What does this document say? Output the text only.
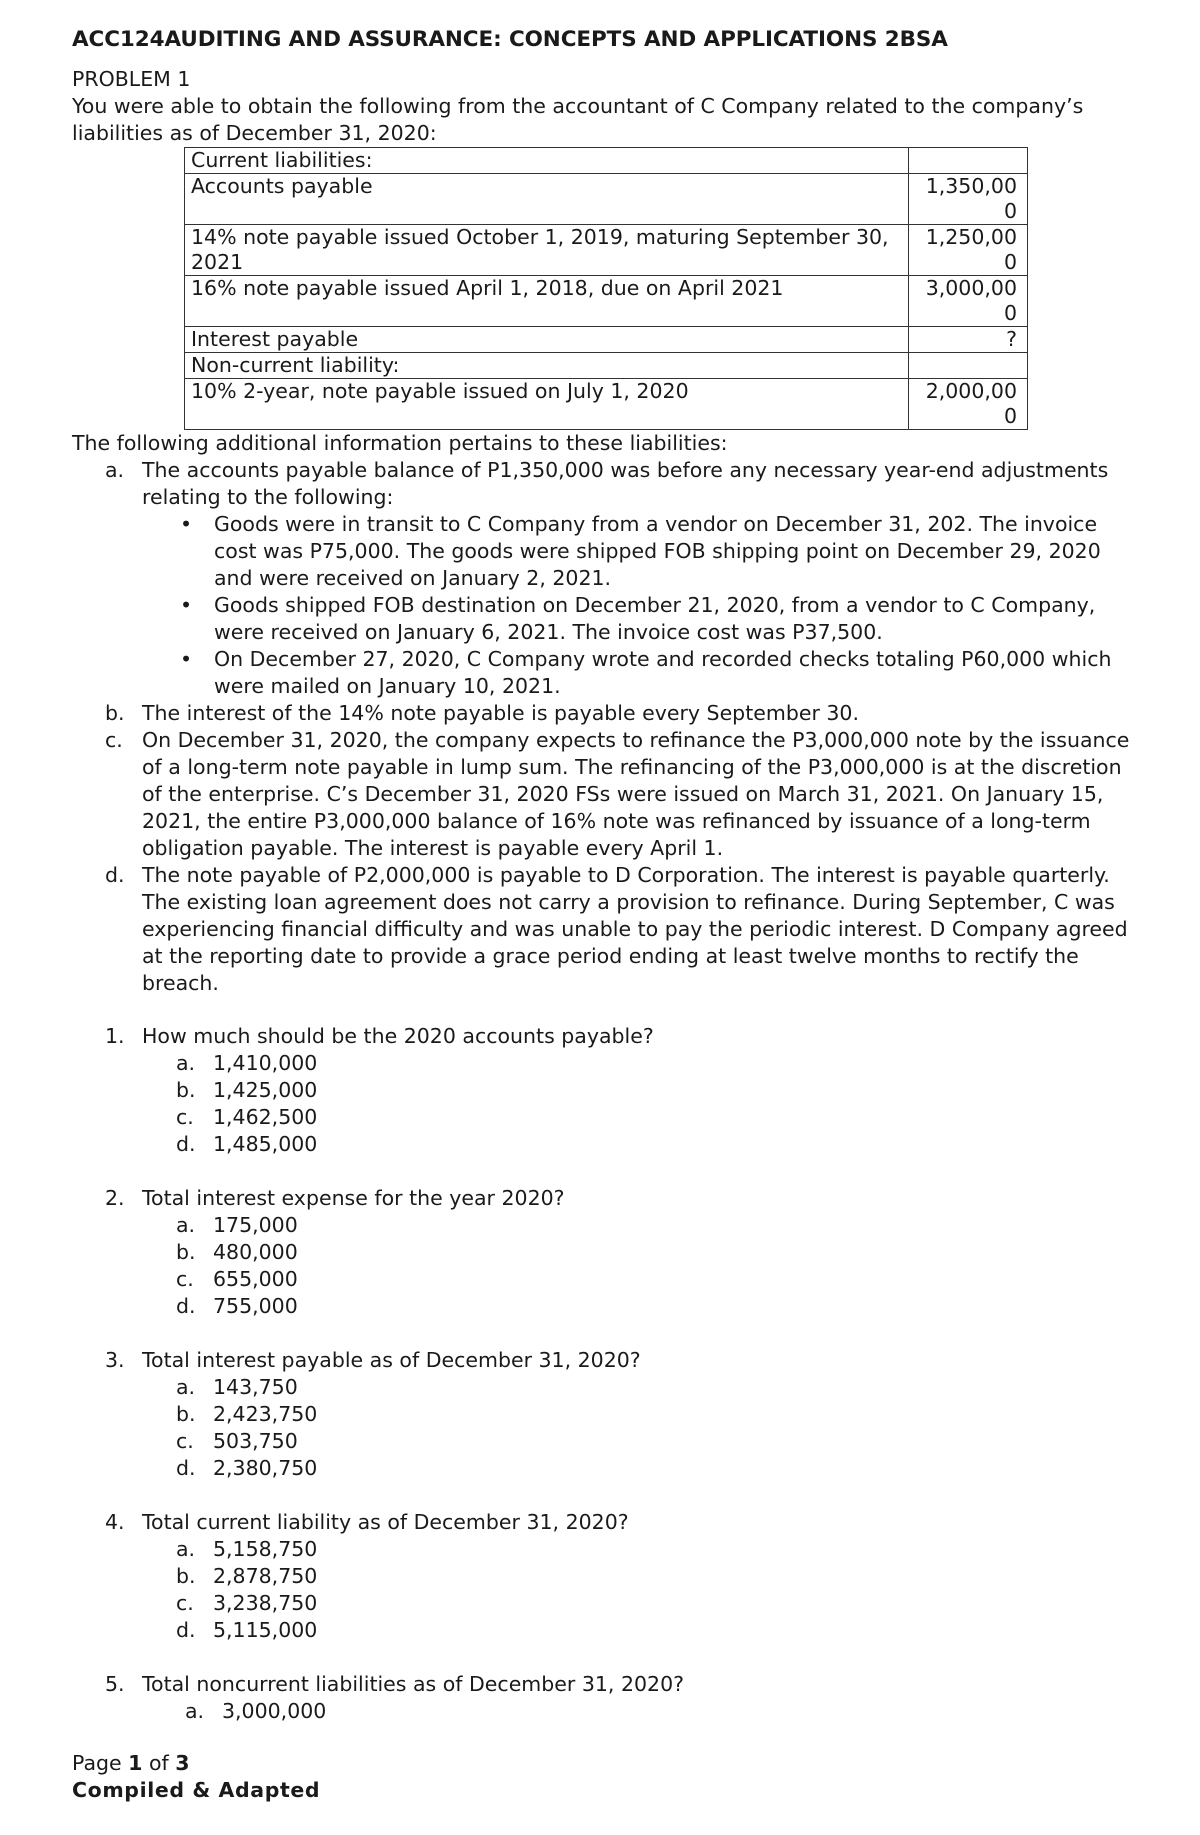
ACC124AUDITING AND ASSURANCE: CONCEPTS AND APPLICATIONS 2BSA
PROBLEM 1
You were able to obtain the following from the accountant of C Company related to the company’s liabilities as of December 31, 2020:
Current liabilities:	
Accounts payable	1,350,000
14% note payable issued October 1, 2019, maturing September 30, 2021	1,250,000
16% note payable issued April 1, 2018, due on April 2021	3,000,000
Interest payable	?
Non-current liability:	
10% 2-year, note payable issued on July 1, 2020	2,000,000
The following additional information pertains to these liabilities:
a. The accounts payable balance of P1,350,000 was before any necessary year-end adjustments relating to the following:
• Goods were in transit to C Company from a vendor on December 31, 202. The invoice cost was P75,000. The goods were shipped FOB shipping point on December 29, 2020 and were received on January 2, 2021.
• Goods shipped FOB destination on December 21, 2020, from a vendor to C Company, were received on January 6, 2021. The invoice cost was P37,500.
• On December 27, 2020, C Company wrote and recorded checks totaling P60,000 which were mailed on January 10, 2021.
b. The interest of the 14% note payable is payable every September 30.
c. On December 31, 2020, the company expects to refinance the P3,000,000 note by the issuance of a long-term note payable in lump sum. The refinancing of the P3,000,000 is at the discretion of the enterprise. C’s December 31, 2020 FSs were issued on March 31, 2021. On January 15, 2021, the entire P3,000,000 balance of 16% note was refinanced by issuance of a long-term obligation payable. The interest is payable every April 1.
d. The note payable of P2,000,000 is payable to D Corporation. The interest is payable quarterly. The existing loan agreement does not carry a provision to refinance. During September, C was experiencing financial difficulty and was unable to pay the periodic interest. D Company agreed at the reporting date to provide a grace period ending at least twelve months to rectify the breach.
1. How much should be the 2020 accounts payable?
a. 1,410,000
b. 1,425,000
c. 1,462,500
d. 1,485,000
2. Total interest expense for the year 2020?
a. 175,000
b. 480,000
c. 655,000
d. 755,000
3. Total interest payable as of December 31, 2020?
a. 143,750
b. 2,423,750
c. 503,750
d. 2,380,750
4. Total current liability as of December 31, 2020?
a. 5,158,750
b. 2,878,750
c. 3,238,750
d. 5,115,000
5. Total noncurrent liabilities as of December 31, 2020?
a. 3,000,000
Page 1 of 3
Compiled & Adapted
